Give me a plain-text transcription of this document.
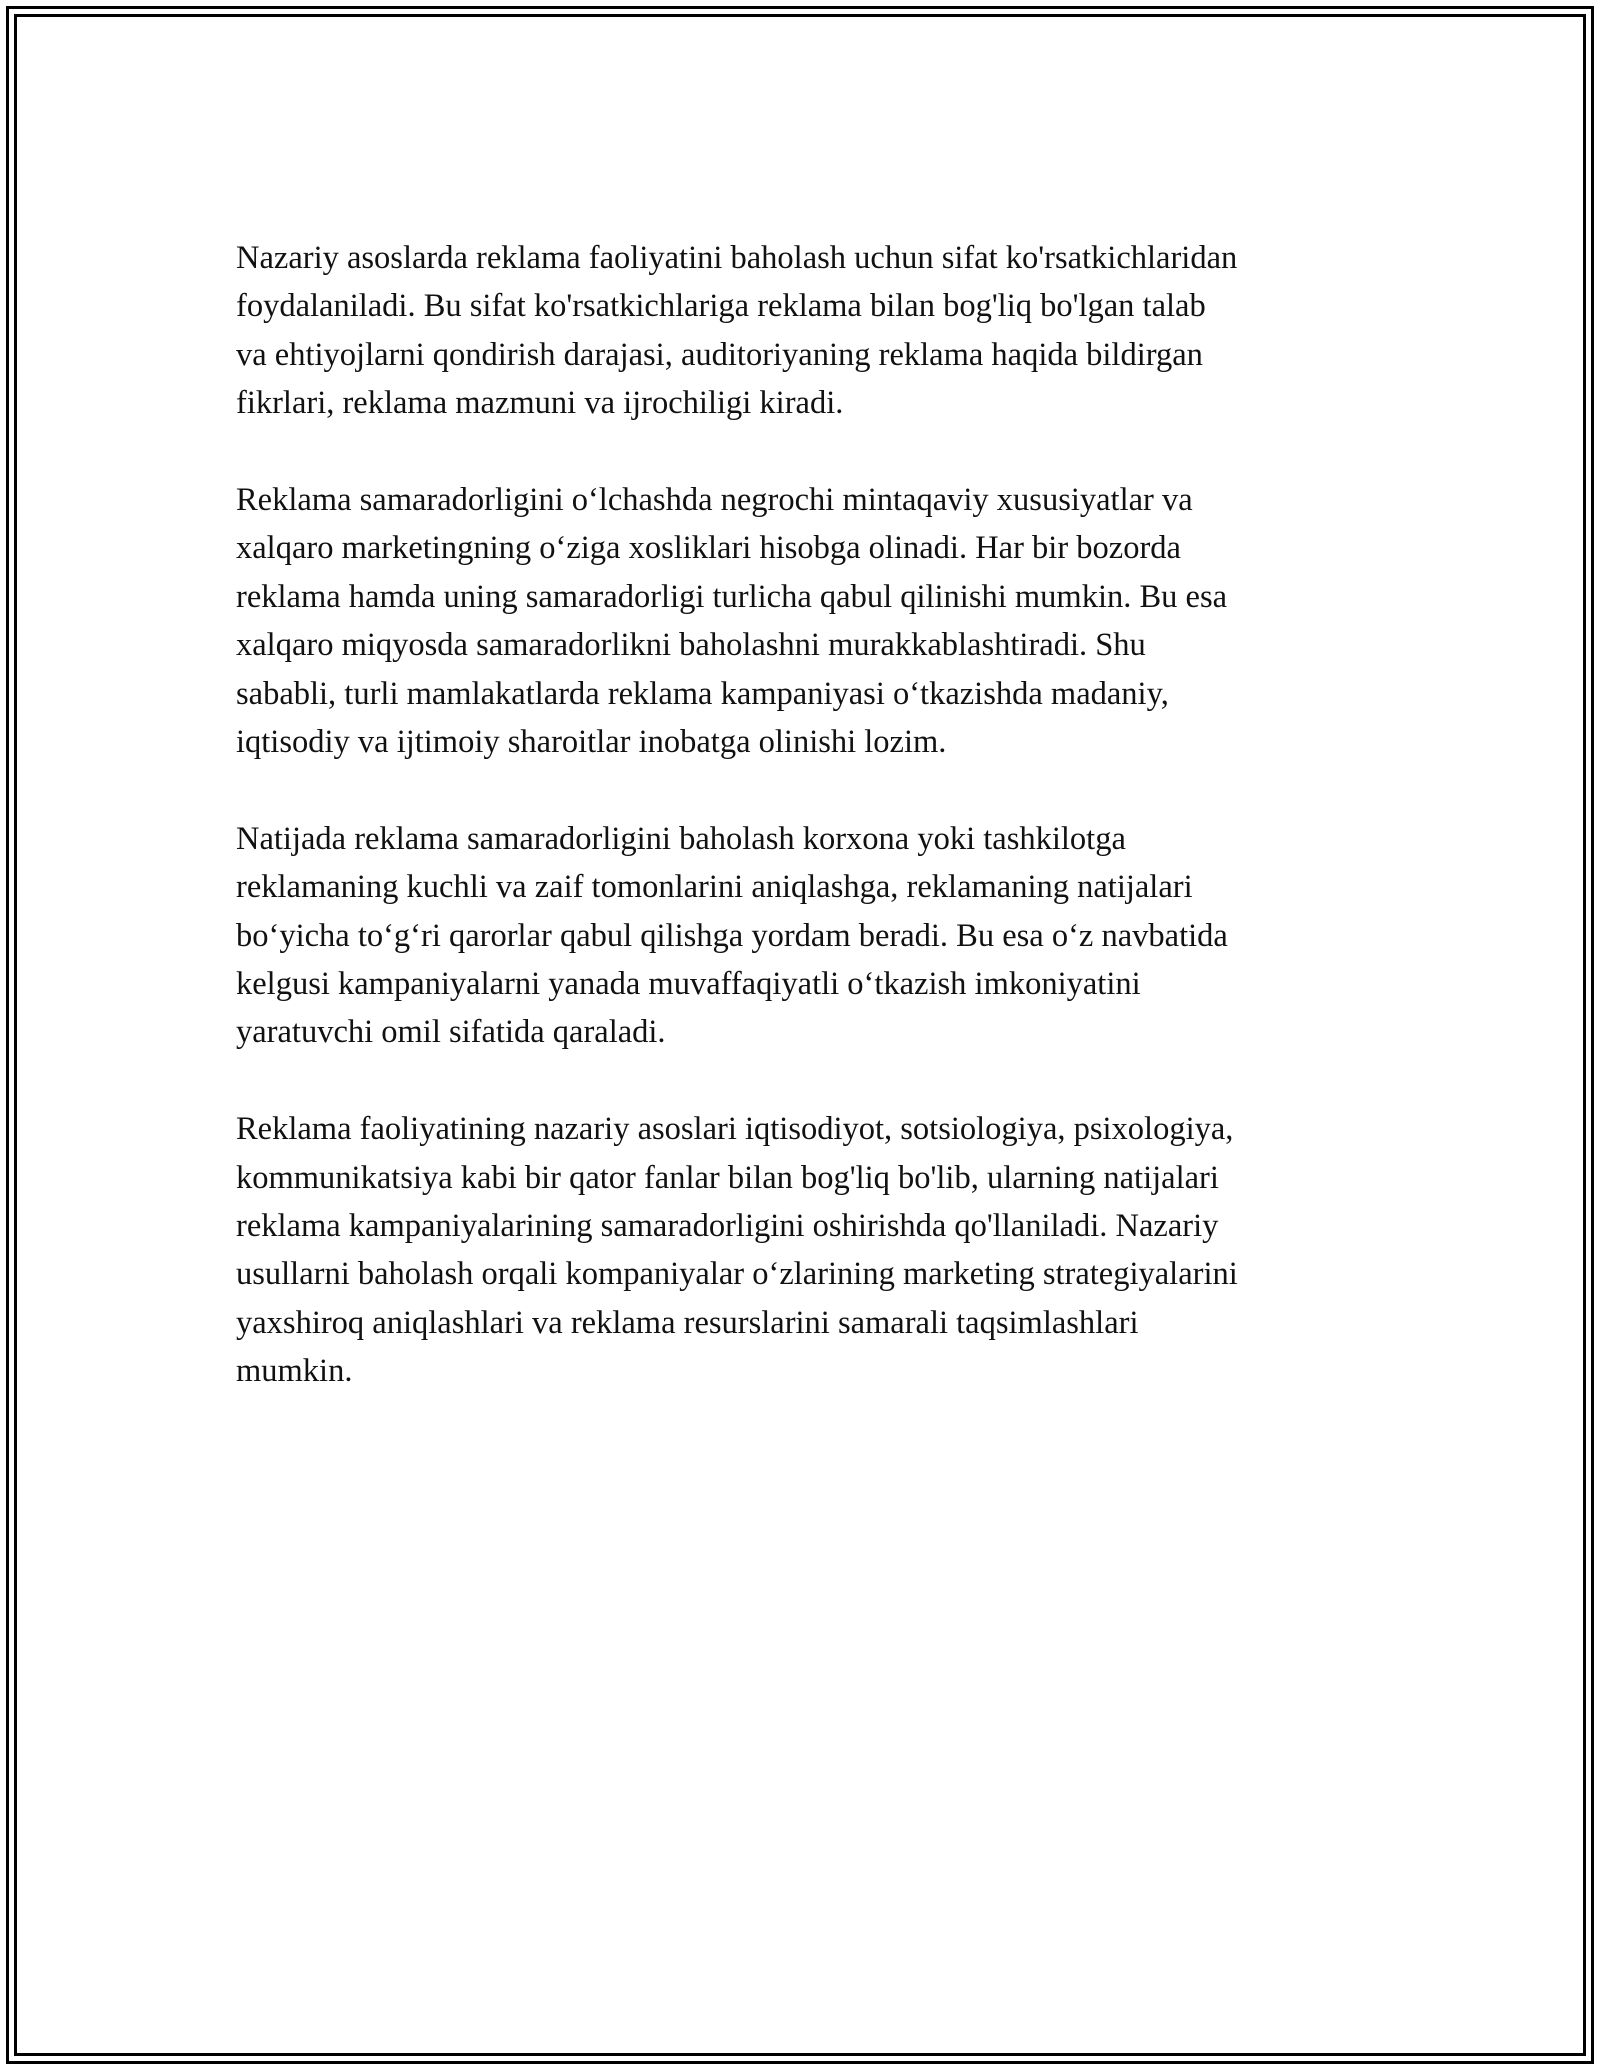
Nazariy asoslarda reklama faoliyatini baholash uchun sifat ko'rsatkichlaridan
foydalaniladi. Bu sifat ko'rsatkichlariga reklama bilan bog'liq bo'lgan talab
va ehtiyojlarni qondirish darajasi, auditoriyaning reklama haqida bildirgan
fikrlari, reklama mazmuni va ijrochiligi kiradi.

Reklama samaradorligini o‘lchashda negrochi mintaqaviy xususiyatlar va
xalqaro marketingning o‘ziga xosliklari hisobga olinadi. Har bir bozorda
reklama hamda uning samaradorligi turlicha qabul qilinishi mumkin. Bu esa
xalqaro miqyosda samaradorlikni baholashni murakkablashtiradi. Shu
sababli, turli mamlakatlarda reklama kampaniyasi o‘tkazishda madaniy,
iqtisodiy va ijtimoiy sharoitlar inobatga olinishi lozim.

Natijada reklama samaradorligini baholash korxona yoki tashkilotga
reklamaning kuchli va zaif tomonlarini aniqlashga, reklamaning natijalari
bo‘yicha to‘g‘ri qarorlar qabul qilishga yordam beradi. Bu esa o‘z navbatida
kelgusi kampaniyalarni yanada muvaffaqiyatli o‘tkazish imkoniyatini
yaratuvchi omil sifatida qaraladi.

Reklama faoliyatining nazariy asoslari iqtisodiyot, sotsiologiya, psixologiya,
kommunikatsiya kabi bir qator fanlar bilan bog'liq bo'lib, ularning natijalari
reklama kampaniyalarining samaradorligini oshirishda qo'llaniladi. Nazariy
usullarni baholash orqali kompaniyalar o‘zlarining marketing strategiyalarini
yaxshiroq aniqlashlari va reklama resurslarini samarali taqsimlashlari
mumkin.
